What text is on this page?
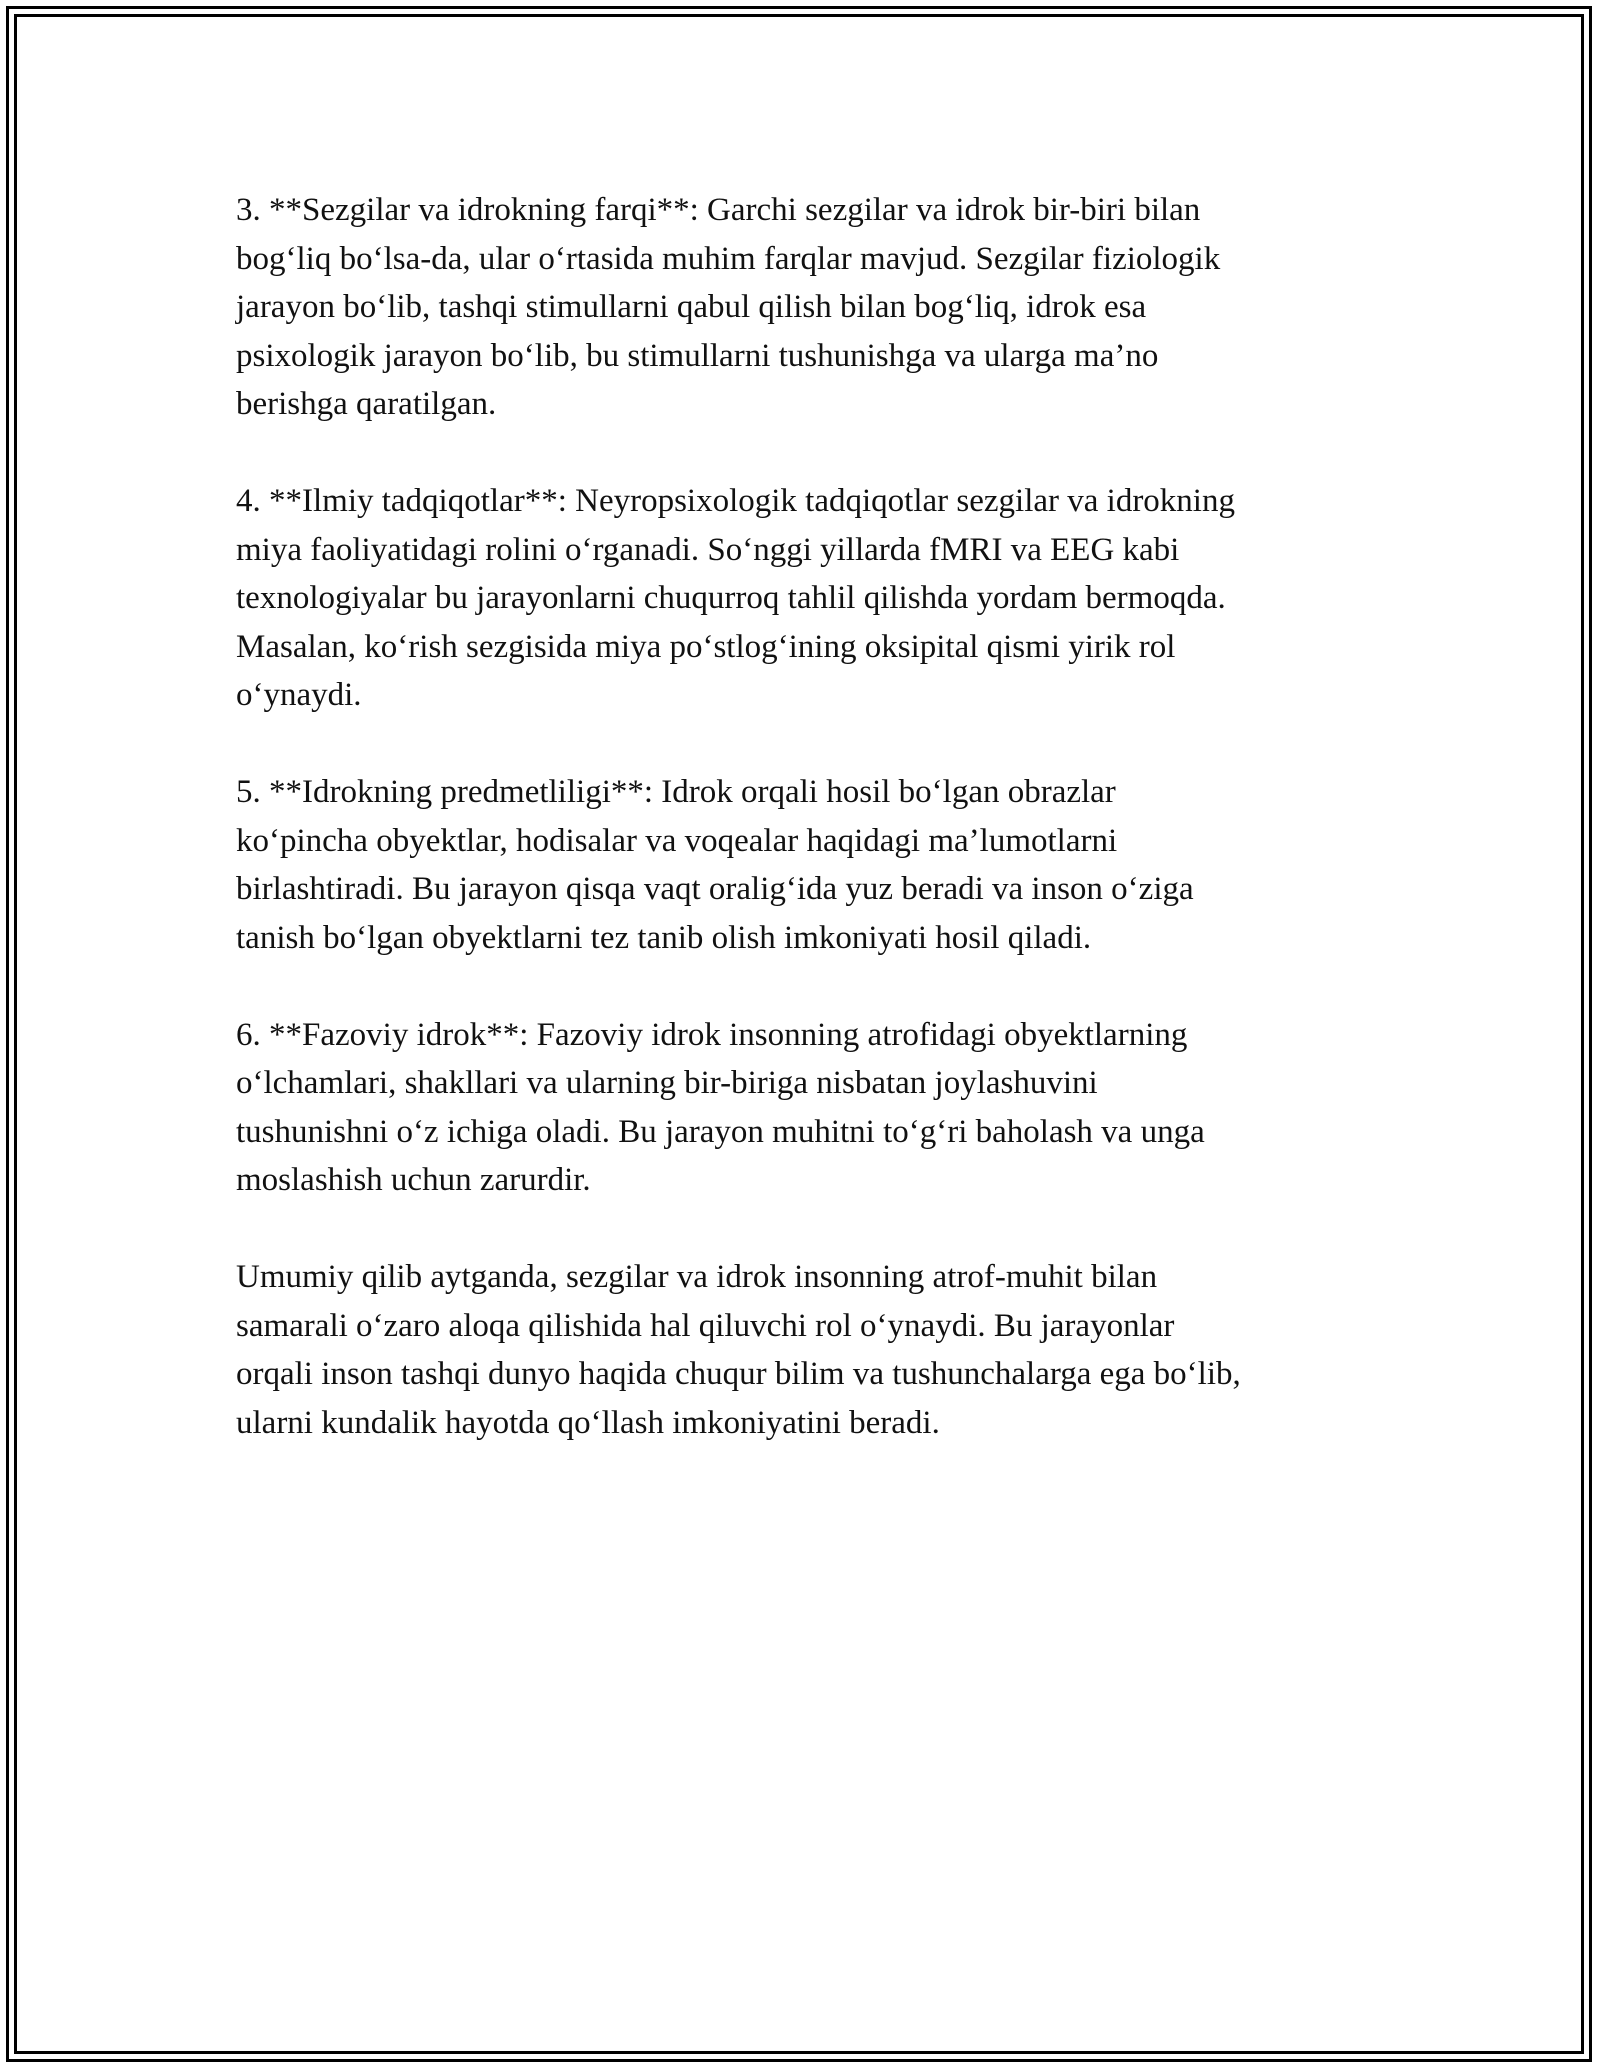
3. **Sezgilar va idrokning farqi**: Garchi sezgilar va idrok bir-biri bilan
bog‘liq bo‘lsa-da, ular o‘rtasida muhim farqlar mavjud. Sezgilar fiziologik
jarayon bo‘lib, tashqi stimullarni qabul qilish bilan bog‘liq, idrok esa
psixologik jarayon bo‘lib, bu stimullarni tushunishga va ularga ma’no
berishga qaratilgan.

4. **Ilmiy tadqiqotlar**: Neyropsixologik tadqiqotlar sezgilar va idrokning
miya faoliyatidagi rolini o‘rganadi. So‘nggi yillarda fMRI va EEG kabi
texnologiyalar bu jarayonlarni chuqurroq tahlil qilishda yordam bermoqda.
Masalan, ko‘rish sezgisida miya po‘stlog‘ining oksipital qismi yirik rol
o‘ynaydi.

5. **Idrokning predmetliligi**: Idrok orqali hosil bo‘lgan obrazlar
ko‘pincha obyektlar, hodisalar va voqealar haqidagi ma’lumotlarni
birlashtiradi. Bu jarayon qisqa vaqt oralig‘ida yuz beradi va inson o‘ziga
tanish bo‘lgan obyektlarni tez tanib olish imkoniyati hosil qiladi.

6. **Fazoviy idrok**: Fazoviy idrok insonning atrofidagi obyektlarning
o‘lchamlari, shakllari va ularning bir-biriga nisbatan joylashuvini
tushunishni o‘z ichiga oladi. Bu jarayon muhitni to‘g‘ri baholash va unga
moslashish uchun zarurdir.

Umumiy qilib aytganda, sezgilar va idrok insonning atrof-muhit bilan
samarali o‘zaro aloqa qilishida hal qiluvchi rol o‘ynaydi. Bu jarayonlar
orqali inson tashqi dunyo haqida chuqur bilim va tushunchalarga ega bo‘lib,
ularni kundalik hayotda qo‘llash imkoniyatini beradi.
